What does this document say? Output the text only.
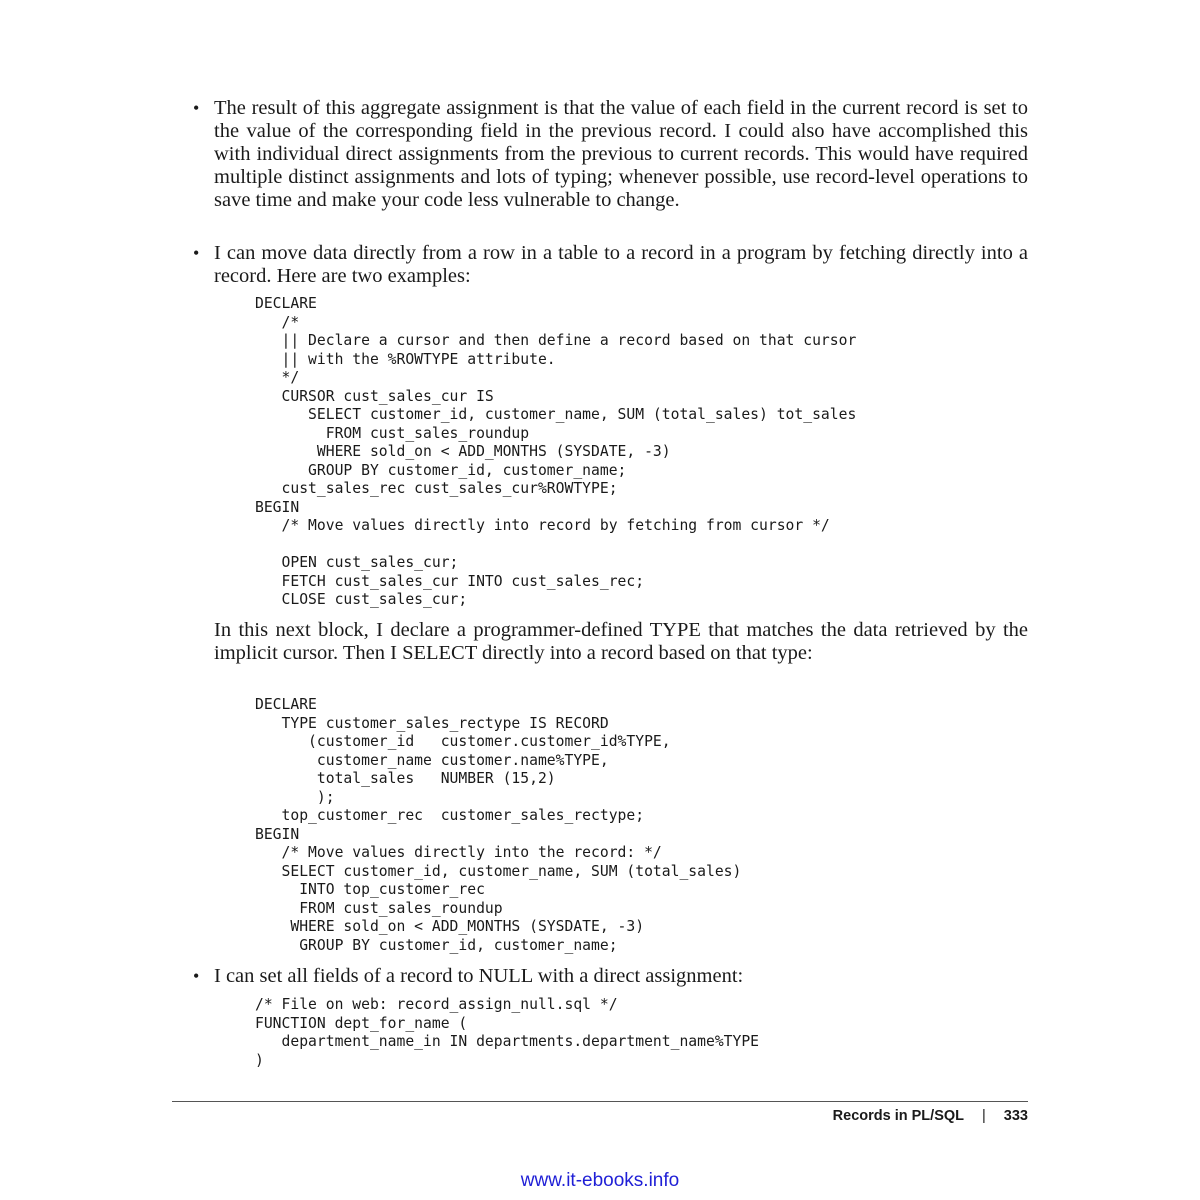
• The result of this aggregate assignment is that the value of each field in the current record is set to the value of the corresponding field in the previous record. I could also have accomplished this with individual direct assignments from the previous to current records. This would have required multiple distinct assignments and lots of typing; whenever possible, use record-level operations to save time and make your code less vulnerable to change.
• I can move data directly from a row in a table to a record in a program by fetching directly into a record. Here are two examples:
DECLARE
/*
|| Declare a cursor and then define a record based on that cursor
|| with the %ROWTYPE attribute.
*/
CURSOR cust_sales_cur IS
SELECT customer_id, customer_name, SUM (total_sales) tot_sales
FROM cust_sales_roundup
WHERE sold_on < ADD_MONTHS (SYSDATE, -3)
GROUP BY customer_id, customer_name;
cust_sales_rec cust_sales_cur%ROWTYPE;
BEGIN
/* Move values directly into record by fetching from cursor */

OPEN cust_sales_cur;
FETCH cust_sales_cur INTO cust_sales_rec;
CLOSE cust_sales_cur;
In this next block, I declare a programmer-defined TYPE that matches the data retrieved by the implicit cursor. Then I SELECT directly into a record based on that type:
DECLARE
TYPE customer_sales_rectype IS RECORD
(customer_id   customer.customer_id%TYPE,
customer_name customer.name%TYPE,
total_sales   NUMBER (15,2)
);
top_customer_rec  customer_sales_rectype;
BEGIN
/* Move values directly into the record: */
SELECT customer_id, customer_name, SUM (total_sales)
INTO top_customer_rec
FROM cust_sales_roundup
WHERE sold_on < ADD_MONTHS (SYSDATE, -3)
GROUP BY customer_id, customer_name;
• I can set all fields of a record to NULL with a direct assignment:
/* File on web: record_assign_null.sql */
FUNCTION dept_for_name (
department_name_in IN departments.department_name%TYPE
)
Records in PL/SQL | 333
www.it-ebooks.info
